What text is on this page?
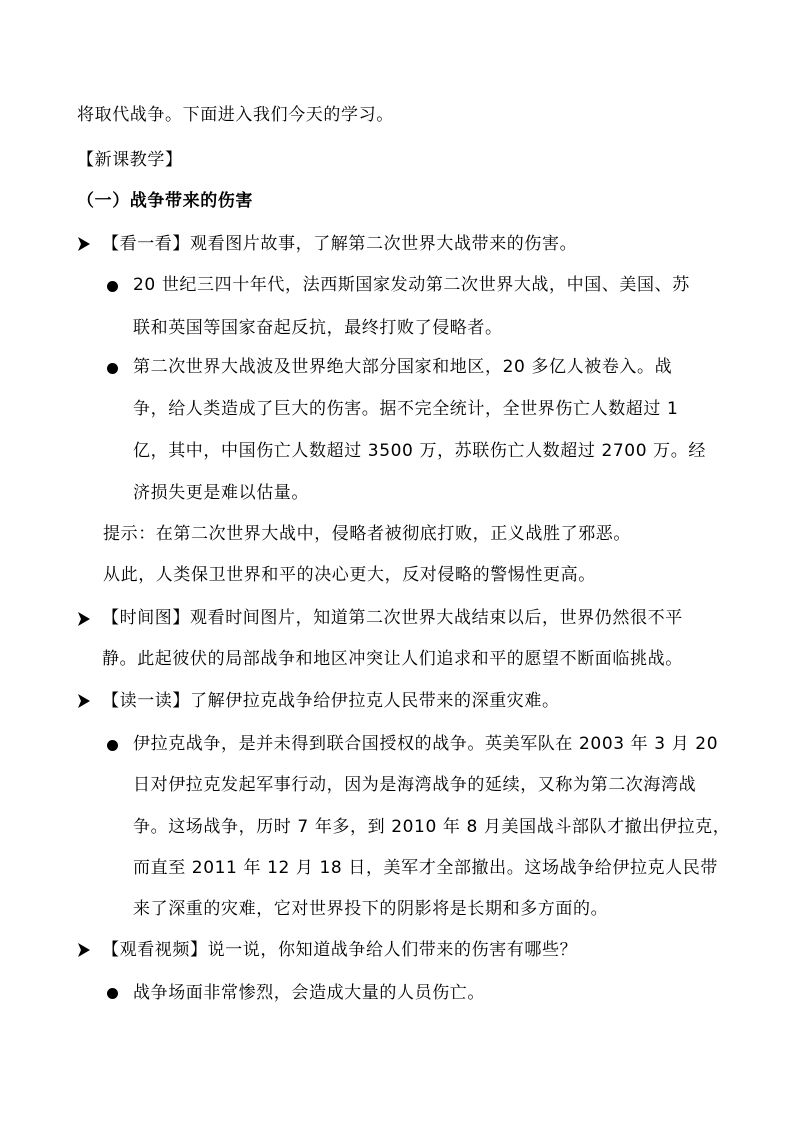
将取代战争。下面进入我们今天的学习。
【新课教学】
（一）战争带来的伤害
【看一看】观看图片故事，了解第二次世界大战带来的伤害。
20 世纪三四十年代，法西斯国家发动第二次世界大战，中国、美国、苏
联和英国等国家奋起反抗，最终打败了侵略者。
第二次世界大战波及世界绝大部分国家和地区，20 多亿人被卷入。战
争，给人类造成了巨大的伤害。据不完全统计，全世界伤亡人数超过 1
亿，其中，中国伤亡人数超过 3500 万，苏联伤亡人数超过 2700 万。经
济损失更是难以估量。
提示：在第二次世界大战中，侵略者被彻底打败，正义战胜了邪恶。
从此，人类保卫世界和平的决心更大，反对侵略的警惕性更高。
【时间图】观看时间图片，知道第二次世界大战结束以后，世界仍然很不平
静。此起彼伏的局部战争和地区冲突让人们追求和平的愿望不断面临挑战。
【读一读】了解伊拉克战争给伊拉克人民带来的深重灾难。
伊拉克战争，是并未得到联合国授权的战争。英美军队在 2003 年 3 月 20
日对伊拉克发起军事行动，因为是海湾战争的延续，又称为第二次海湾战
争。这场战争，历时 7 年多，到 2010 年 8 月美国战斗部队才撤出伊拉克，
而直至 2011 年 12 月 18 日，美军才全部撤出。这场战争给伊拉克人民带
来了深重的灾难，它对世界投下的阴影将是长期和多方面的。
【观看视频】说一说，你知道战争给人们带来的伤害有哪些？
战争场面非常惨烈，会造成大量的人员伤亡。
